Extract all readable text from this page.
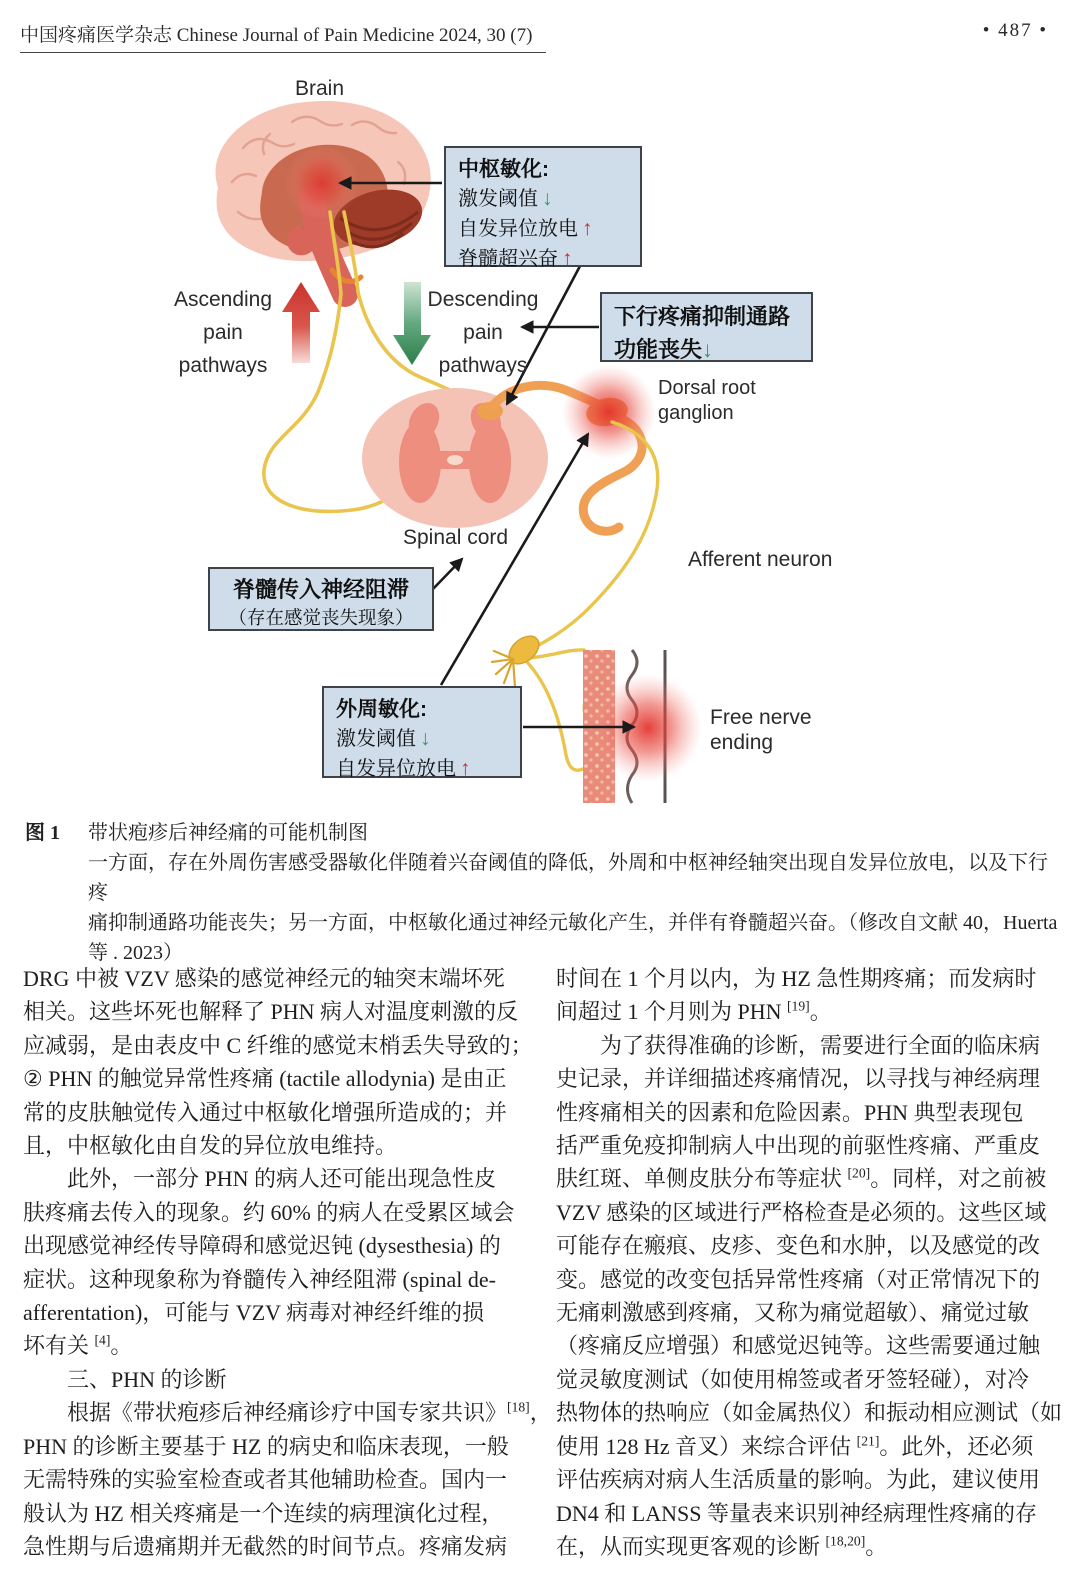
中国疼痛医学杂志 Chinese Journal of Pain Medicine 2024, 30 (7)	• 487 •
Brain
Ascending
pain
pathways
Descending
pain
pathways
Dorsal root
ganglion
Spinal cord
Afferent neuron
Free nerve
ending
中枢敏化:
激发阈值 ↓
自发异位放电 ↑
脊髓超兴奋 ↑
下行疼痛抑制通路
功能丧失↓
脊髓传入神经阻滞
（存在感觉丧失现象）
外周敏化:
激发阈值 ↓
自发异位放电 ↑
图 1	带状疱疹后神经痛的可能机制图
一方面，存在外周伤害感受器敏化伴随着兴奋阈值的降低，外周和中枢神经轴突出现自发异位放电，以及下行疼
痛抑制通路功能丧失；另一方面，中枢敏化通过神经元敏化产生，并伴有脊髓超兴奋。（修改自文献 40，Huerta
等 . 2023）
DRG 中被 VZV 感染的感觉神经元的轴突末端坏死
相关。这些坏死也解释了 PHN 病人对温度刺激的反
应减弱，是由表皮中 C 纤维的感觉末梢丢失导致的；
② PHN 的触觉异常性疼痛 (tactile allodynia) 是由正
常的皮肤触觉传入通过中枢敏化增强所造成的；并
且，中枢敏化由自发的异位放电维持。
　　此外，一部分 PHN 的病人还可能出现急性皮
肤疼痛去传入的现象。约 60% 的病人在受累区域会
出现感觉神经传导障碍和感觉迟钝 (dysesthesia) 的
症状。这种现象称为脊髓传入神经阻滞 (spinal de-
afferentation)，可能与 VZV 病毒对神经纤维的损
坏有关 [4]。
　　三、PHN 的诊断
　　根据《带状疱疹后神经痛诊疗中国专家共识》[18]，
PHN 的诊断主要基于 HZ 的病史和临床表现，一般
无需特殊的实验室检查或者其他辅助检查。国内一
般认为 HZ 相关疼痛是一个连续的病理演化过程，
急性期与后遗痛期并无截然的时间节点。疼痛发病
时间在 1 个月以内，为 HZ 急性期疼痛；而发病时
间超过 1 个月则为 PHN [19]。
　　为了获得准确的诊断，需要进行全面的临床病
史记录，并详细描述疼痛情况，以寻找与神经病理
性疼痛相关的因素和危险因素。PHN 典型表现包
括严重免疫抑制病人中出现的前驱性疼痛、严重皮
肤红斑、单侧皮肤分布等症状 [20]。同样，对之前被
VZV 感染的区域进行严格检查是必须的。这些区域
可能存在瘢痕、皮疹、变色和水肿，以及感觉的改
变。感觉的改变包括异常性疼痛（对正常情况下的
无痛刺激感到疼痛，又称为痛觉超敏）、痛觉过敏
（疼痛反应增强）和感觉迟钝等。这些需要通过触
觉灵敏度测试（如使用棉签或者牙签轻碰），对冷
热物体的热响应（如金属热仪）和振动相应测试（如
使用 128 Hz 音叉）来综合评估 [21]。此外，还必须
评估疾病对病人生活质量的影响。为此，建议使用
DN4 和 LANSS 等量表来识别神经病理性疼痛的存
在，从而实现更客观的诊断 [18,20]。
